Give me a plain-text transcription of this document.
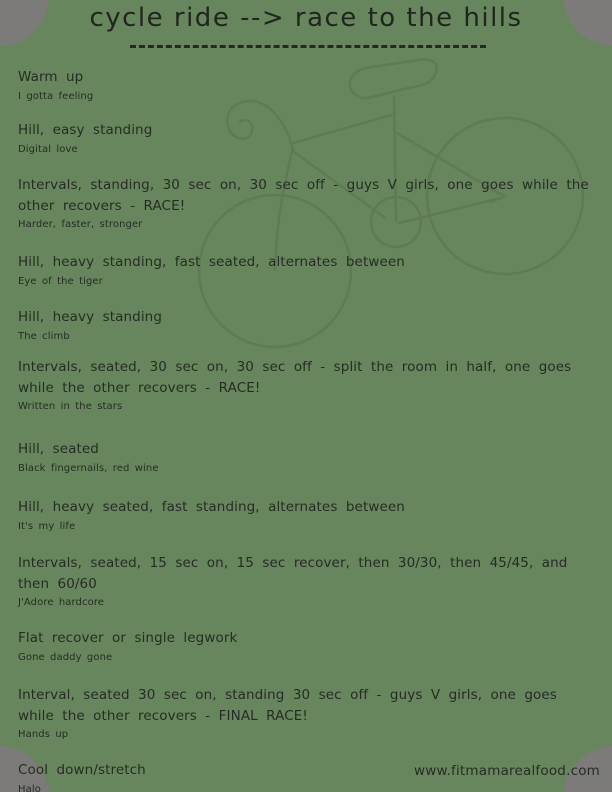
cycle ride --> race to the hills
Warm up
I gotta feeling
Hill, easy standing
Digital love
Intervals, standing, 30 sec on, 30 sec off - guys V girls, one goes while the other recovers - RACE!
Harder, faster, stronger
Hill, heavy standing, fast seated, alternates between
Eye of the tiger
Hill, heavy standing
The climb
Intervals, seated, 30 sec on, 30 sec off - split the room in half, one goes while the other recovers - RACE!
Written in the stars
Hill, seated
Black fingernails, red wine
Hill, heavy seated, fast standing, alternates between
It's my life
Intervals, seated, 15 sec on, 15 sec recover, then 30/30, then 45/45, and then 60/60
J'Adore hardcore
Flat recover or single legwork
Gone daddy gone
Interval, seated 30 sec on, standing 30 sec off - guys V girls, one goes while the other recovers - FINAL RACE!
Hands up
Cool down/stretch
Halo
www.fitmamarealfood.com
